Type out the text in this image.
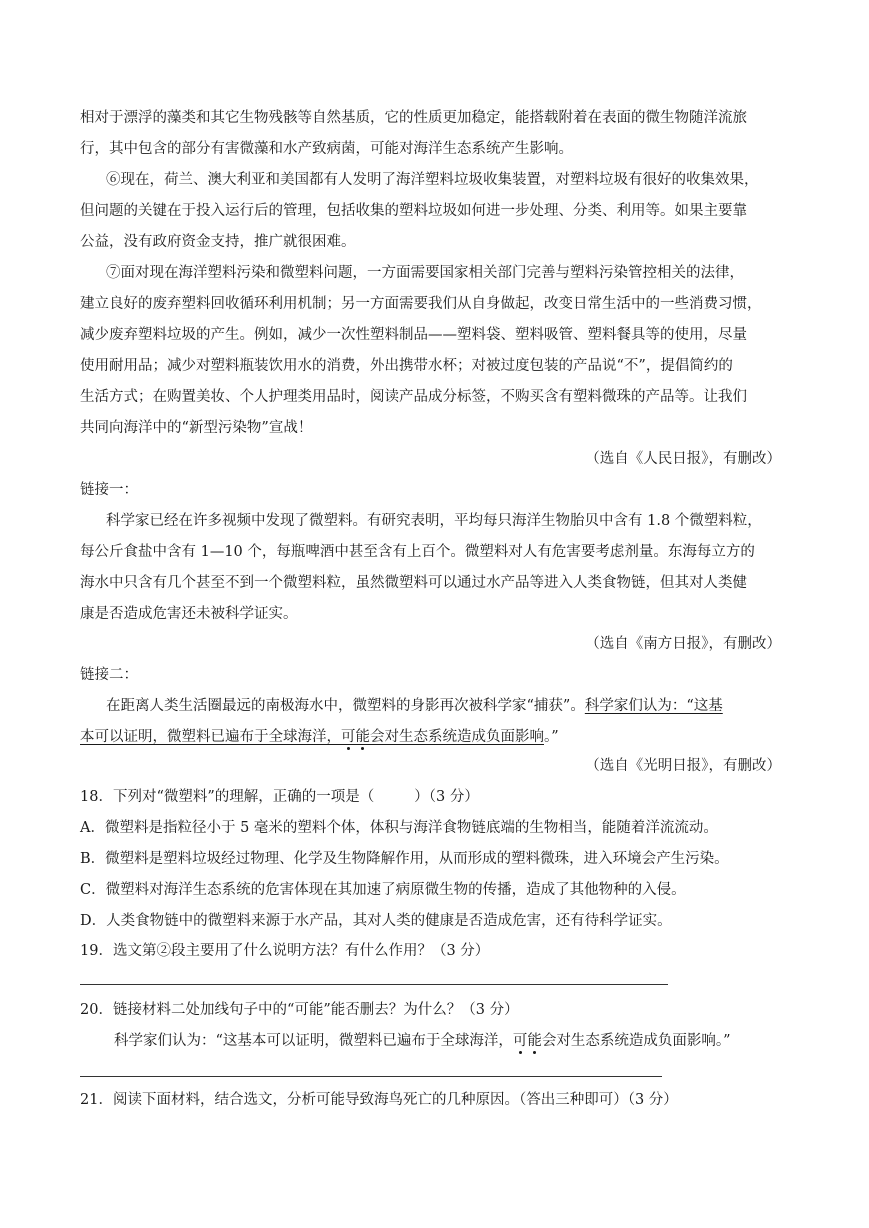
相对于漂浮的藻类和其它生物残骸等自然基质，它的性质更加稳定，能搭载附着在表面的微生物随洋流旅
行，其中包含的部分有害微藻和水产致病菌，可能对海洋生态系统产生影响。
⑥现在，荷兰、澳大利亚和美国都有人发明了海洋塑料垃圾收集装置，对塑料垃圾有很好的收集效果，
但问题的关键在于投入运行后的管理，包括收集的塑料垃圾如何进一步处理、分类、利用等。如果主要靠
公益，没有政府资金支持，推广就很困难。
⑦面对现在海洋塑料污染和微塑料问题，一方面需要国家相关部门完善与塑料污染管控相关的法律，
建立良好的废弃塑料回收循环利用机制；另一方面需要我们从自身做起，改变日常生活中的一些消费习惯，
减少废弃塑料垃圾的产生。例如，减少一次性塑料制品——塑料袋、塑料吸管、塑料餐具等的使用，尽量
使用耐用品；减少对塑料瓶装饮用水的消费，外出携带水杯；对被过度包装的产品说“不”，提倡简约的
生活方式；在购置美妆、个人护理类用品时，阅读产品成分标签，不购买含有塑料微珠的产品等。让我们
共同向海洋中的“新型污染物”宣战！
（选自《人民日报》，有删改）
链接一：
科学家已经在许多视频中发现了微塑料。有研究表明，平均每只海洋生物胎贝中含有 1.8 个微塑料粒，
每公斤食盐中含有 1—10 个，每瓶啤酒中甚至含有上百个。微塑料对人有危害要考虑剂量。东海每立方的
海水中只含有几个甚至不到一个微塑料粒，虽然微塑料可以通过水产品等进入人类食物链，但其对人类健
康是否造成危害还未被科学证实。
（选自《南方日报》，有删改）
链接二：
在距离人类生活圈最远的南极海水中，微塑料的身影再次被科学家“捕获”。科学家们认为：“这基
本可以证明，微塑料已遍布于全球海洋，可能会对生态系统造成负面影响。”
（选自《光明日报》，有删改）
18．下列对“微塑料”的理解，正确的一项是（	）（3 分）
A．微塑料是指粒径小于 5 毫米的塑料个体，体积与海洋食物链底端的生物相当，能随着洋流流动。
B．微塑料是塑料垃圾经过物理、化学及生物降解作用，从而形成的塑料微珠，进入环境会产生污染。
C．微塑料对海洋生态系统的危害体现在其加速了病原微生物的传播，造成了其他物种的入侵。
D．人类食物链中的微塑料来源于水产品，其对人类的健康是否造成危害，还有待科学证实。
19．选文第②段主要用了什么说明方法？有什么作用？（3 分）
20．链接材料二处加线句子中的“可能”能否删去？为什么？（3 分）
科学家们认为：“这基本可以证明，微塑料已遍布于全球海洋，可能会对生态系统造成负面影响。”
21．阅读下面材料，结合选文，分析可能导致海鸟死亡的几种原因。（答出三种即可）（3 分）
